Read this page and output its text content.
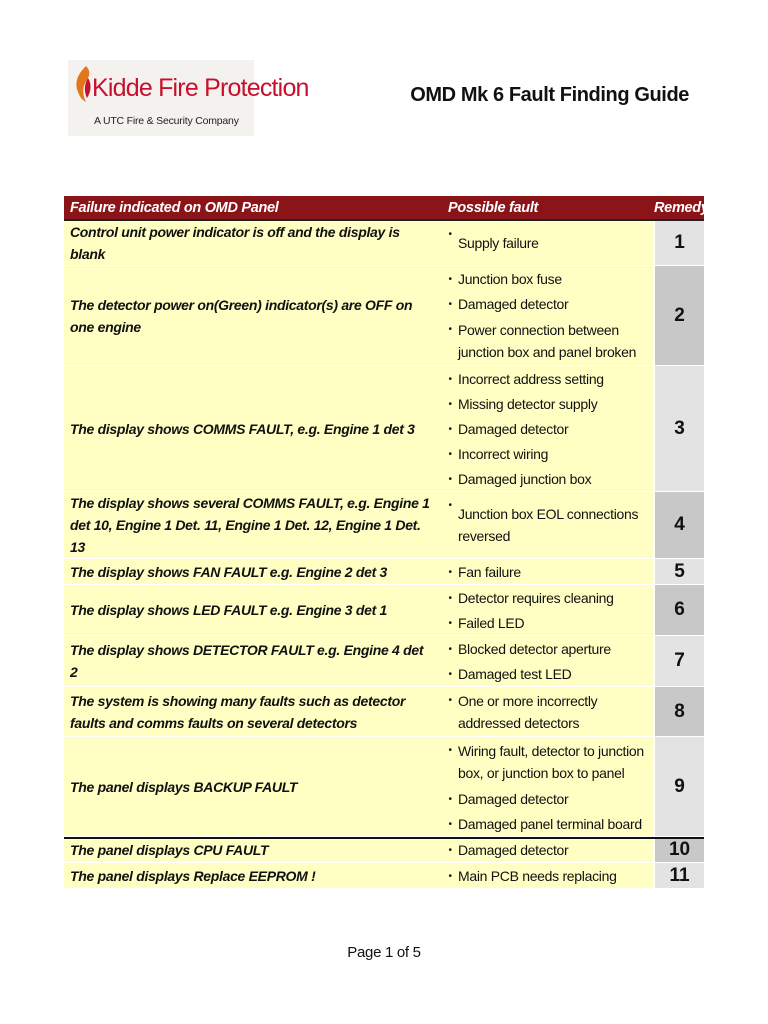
Kidde Fire Protection
A UTC Fire & Security Company
OMD Mk 6 Fault Finding Guide
Failure indicated on OMD Panel	Possible fault		Remedy
Control unit power indicator is off and the display is blank	•	Supply failure	1
The detector power on(Green) indicator(s) are OFF on one engine	•	Junction box fuse	2
	•	Damaged detector	
	•	Power connection between junction box and panel broken	
The display shows COMMS FAULT, e.g. Engine 1 det 3	•	Incorrect address setting	3
	•	Missing detector supply	
	•	Damaged detector	
	•	Incorrect wiring	
	•	Damaged junction box	
The display shows several COMMS FAULT, e.g. Engine 1 det 10, Engine 1 Det. 11, Engine 1 Det. 12, Engine 1 Det. 13	•	Junction box EOL connections reversed	4
The display shows FAN FAULT e.g. Engine 2 det 3	•	Fan failure	5
The display shows LED FAULT e.g. Engine 3 det 1	•	Detector requires cleaning	6
	•	Failed LED	
The display shows DETECTOR FAULT e.g. Engine 4 det 2	•	Blocked detector aperture	7
	•	Damaged test LED	
The system is showing many faults such as detector faults and comms faults on several detectors	•	One or more incorrectly addressed detectors	8
The panel displays BACKUP FAULT	•	Wiring fault, detector to junction box, or junction box to panel	9
	•	Damaged detector	
	•	Damaged panel terminal board	
The panel displays CPU FAULT	•	Damaged detector	10
The panel displays Replace EEPROM !	•	Main PCB needs replacing	11
Page 1 of 5
